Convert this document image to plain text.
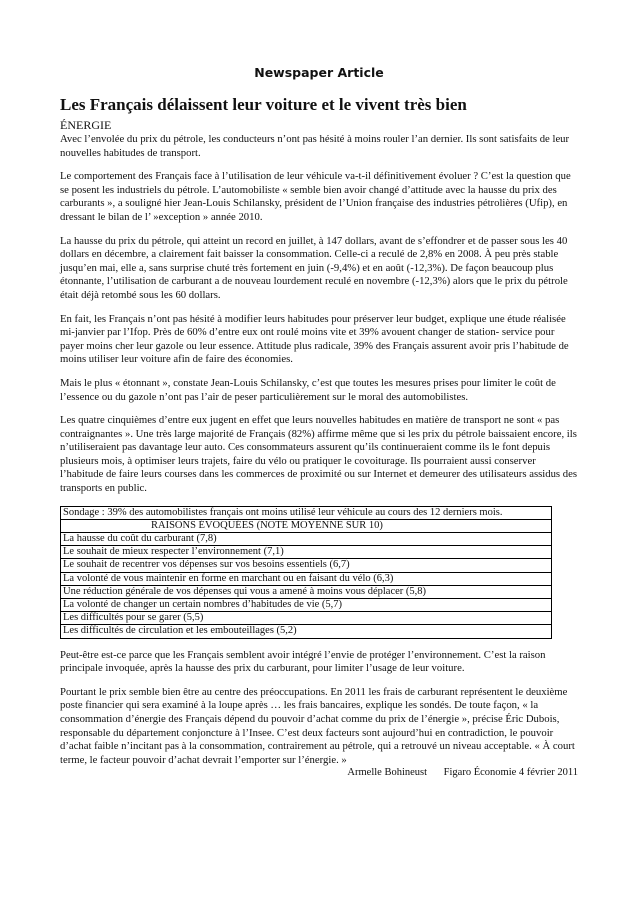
Newspaper Article
Les Français délaissent leur voiture et le vivent très bien
ÉNERGIE

Avec l’envolée du prix du pétrole, les conducteurs n’ont pas hésité à moins rouler l’an dernier. Ils sont satisfaits de leur nouvelles habitudes de transport.

Le comportement des Français face à l’utilisation de leur véhicule va-t-il définitivement évoluer ? C’est la question que se posent les industriels du pétrole. L’automobiliste « semble bien avoir changé d’attitude avec la hausse du prix des carburants », a souligné hier Jean-Louis Schilansky, président de l’Union française des industries pétrolières (Ufip), en dressant le bilan de l’ »exception » année 2010.

La hausse du prix du pétrole, qui atteint un record en juillet, à 147 dollars, avant de s’effondrer et de passer sous les 40 dollars en décembre, a clairement fait baisser la consommation. Celle-ci a reculé de 2,8% en 2008. À peu près stable jusqu’en mai, elle a, sans surprise chuté très fortement en juin (-9,4%) et en août (-12,3%). De façon beaucoup plus étonnante, l’utilisation de carburant a de nouveau lourdement reculé en novembre (-12,3%) alors que le prix du pétrole était déjà retombé sous les 60 dollars.

En fait, les Français n’ont pas hésité à modifier leurs habitudes pour préserver leur budget, explique une étude réalisée mi-janvier par l’Ifop. Près de 60% d’entre eux ont roulé moins vite et 39% avouent changer de station- service pour payer moins cher leur gazole ou leur essence. Attitude plus radicale, 39% des Français assurent avoir pris l’habitude de moins utiliser leur voiture afin de faire des économies.

Mais le plus « étonnant », constate Jean-Louis Schilansky, c’est que toutes les mesures prises pour limiter le coût de l’essence ou du gazole n’ont pas l’air de peser particulièrement sur le moral des automobilistes.

Les quatre cinquièmes d’entre eux jugent en effet que leurs nouvelles habitudes en matière de transport ne sont « pas contraignantes ». Une très large majorité de Français (82%) affirme même que si les prix du pétrole baissaient encore, ils n’utiliseraient pas davantage leur auto. Ces consommateurs assurent qu’ils continueraient comme ils le font depuis plusieurs mois, à optimiser leurs trajets, faire du vélo ou pratiquer le covoiturage. Ils pourraient aussi conserver l’habitude de faire leurs courses dans les commerces de proximité ou sur Internet et demeurer des utilisateurs assidus des transports en public.

Sondage : 39% des automobilistes français ont moins utilisé leur véhicule au cours des 12 derniers mois.
RAISONS ÉVOQUÉES (NOTE MOYENNE SUR 10)
La hausse du coût du carburant (7,8)
Le souhait de mieux respecter l’environnement (7,1)
Le souhait de recentrer vos dépenses sur vos besoins essentiels (6,7)
La volonté de vous maintenir en forme en marchant ou en faisant du vélo (6,3)
Une réduction générale de vos dépenses qui vous a amené à moins vous déplacer (5,8)
La volonté de changer un certain nombres d’habitudes de vie (5,7)
Les difficultés pour se garer (5,5)
Les difficultés de circulation et les embouteillages (5,2)

Peut-être est-ce parce que les Français semblent avoir intégré l’envie de protéger l’environnement. C’est la raison principale invoquée, après la hausse des prix du carburant, pour limiter l’usage de leur voiture.

Pourtant le prix semble bien être au centre des préoccupations. En 2011 les frais de carburant représentent le deuxième poste financier qui sera examiné à la loupe après … les frais bancaires, explique les sondés. De toute façon, « la consommation d’énergie des Français dépend du pouvoir d’achat comme du prix de l’énergie », précise Éric Dubois, responsable du département conjoncture à l’Insee. C’est deux facteurs sont aujourd’hui en contradiction, le pouvoir d’achat faible n’incitant pas à la consommation, contrairement au pétrole, qui a retrouvé un niveau acceptable. « À court terme, le facteur pouvoir d’achat devrait l’emporter sur l’énergie. »

Armelle Bohineust Figaro Économie 4 février 2011
